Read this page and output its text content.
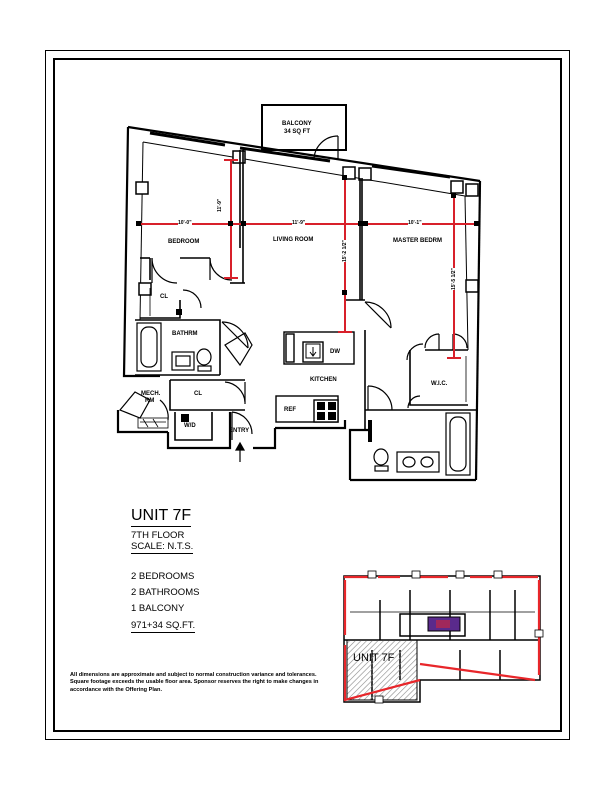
BALCONY
34 SQ FT
BEDROOM	LIVING ROOM	MASTER BEDRM
CL
BATHRM
CL
MECH.
RM
W/D
ENTRY
KITCHEN
REF
DW
W.I.C.
10'-0"	11'-9"	10'-1"
11'-9"
15'-2 1/2"
15'-5 1/2"
UNIT 7F
7TH FLOOR
SCALE: N.T.S.
2 BEDROOMS
2 BATHROOMS
1 BALCONY
971+34 SQ.FT.
UNIT 7F
All dimensions are approximate and subject to normal construction variance and tolerances. Square footage exceeds the usable floor area. Sponsor reserves the right to make changes in accordance with the Offering Plan.
